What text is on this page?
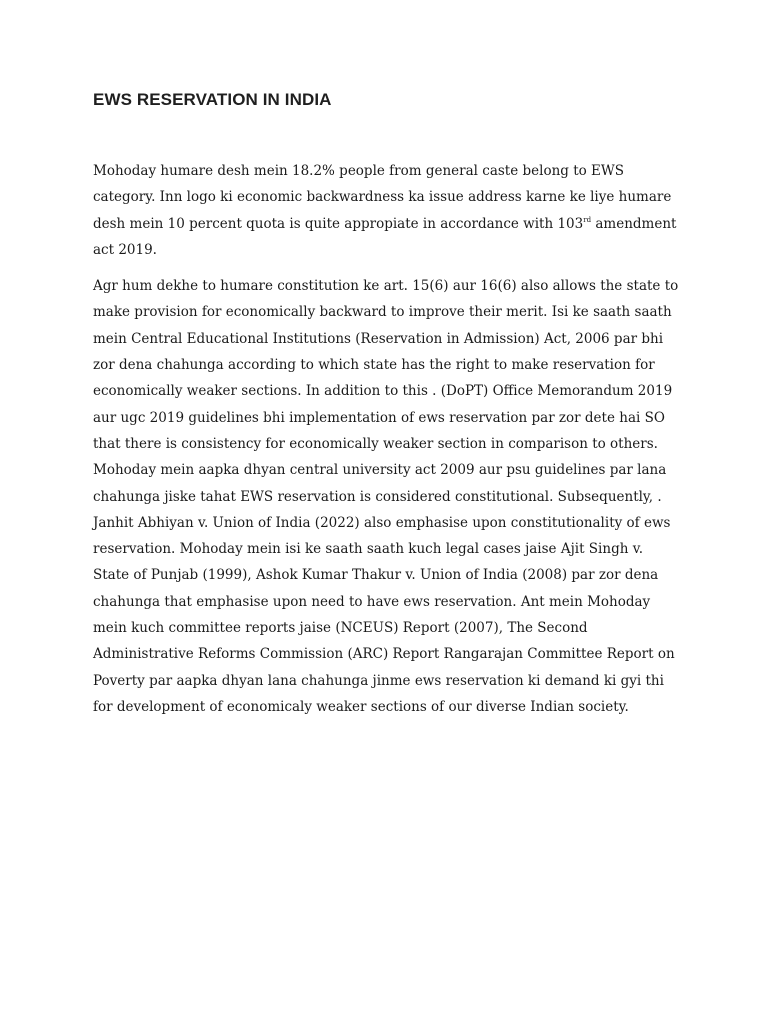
EWS RESERVATION IN INDIA

Mohoday humare desh mein 18.2% people from general caste belong to EWS category. Inn logo ki economic backwardness ka issue address karne ke liye humare desh mein 10 percent quota is quite appropiate in accordance with 103rd amendment act 2019.

Agr hum dekhe to humare constitution ke art. 15(6) aur 16(6) also allows the state to make provision for economically backward to improve their merit. Isi ke saath saath mein Central Educational Institutions (Reservation in Admission) Act, 2006 par bhi zor dena chahunga according to which state has the right to make reservation for economically weaker sections. In addition to this . (DoPT) Office Memorandum 2019 aur ugc 2019 guidelines bhi implementation of ews reservation par zor dete hai SO that there is consistency for economically weaker section in comparison to others. Mohoday mein aapka dhyan central university act 2009 aur psu guidelines par lana chahunga jiske tahat EWS reservation is considered constitutional. Subsequently, . Janhit Abhiyan v. Union of India (2022) also emphasise upon constitutionality of ews reservation. Mohoday mein isi ke saath saath kuch legal cases jaise Ajit Singh v. State of Punjab (1999), Ashok Kumar Thakur v. Union of India (2008) par zor dena chahunga that emphasise upon need to have ews reservation. Ant mein Mohoday mein kuch committee reports jaise (NCEUS) Report (2007), The Second Administrative Reforms Commission (ARC) Report Rangarajan Committee Report on Poverty par aapka dhyan lana chahunga jinme ews reservation ki demand ki gyi thi for development of economicaly weaker sections of our diverse Indian society.
